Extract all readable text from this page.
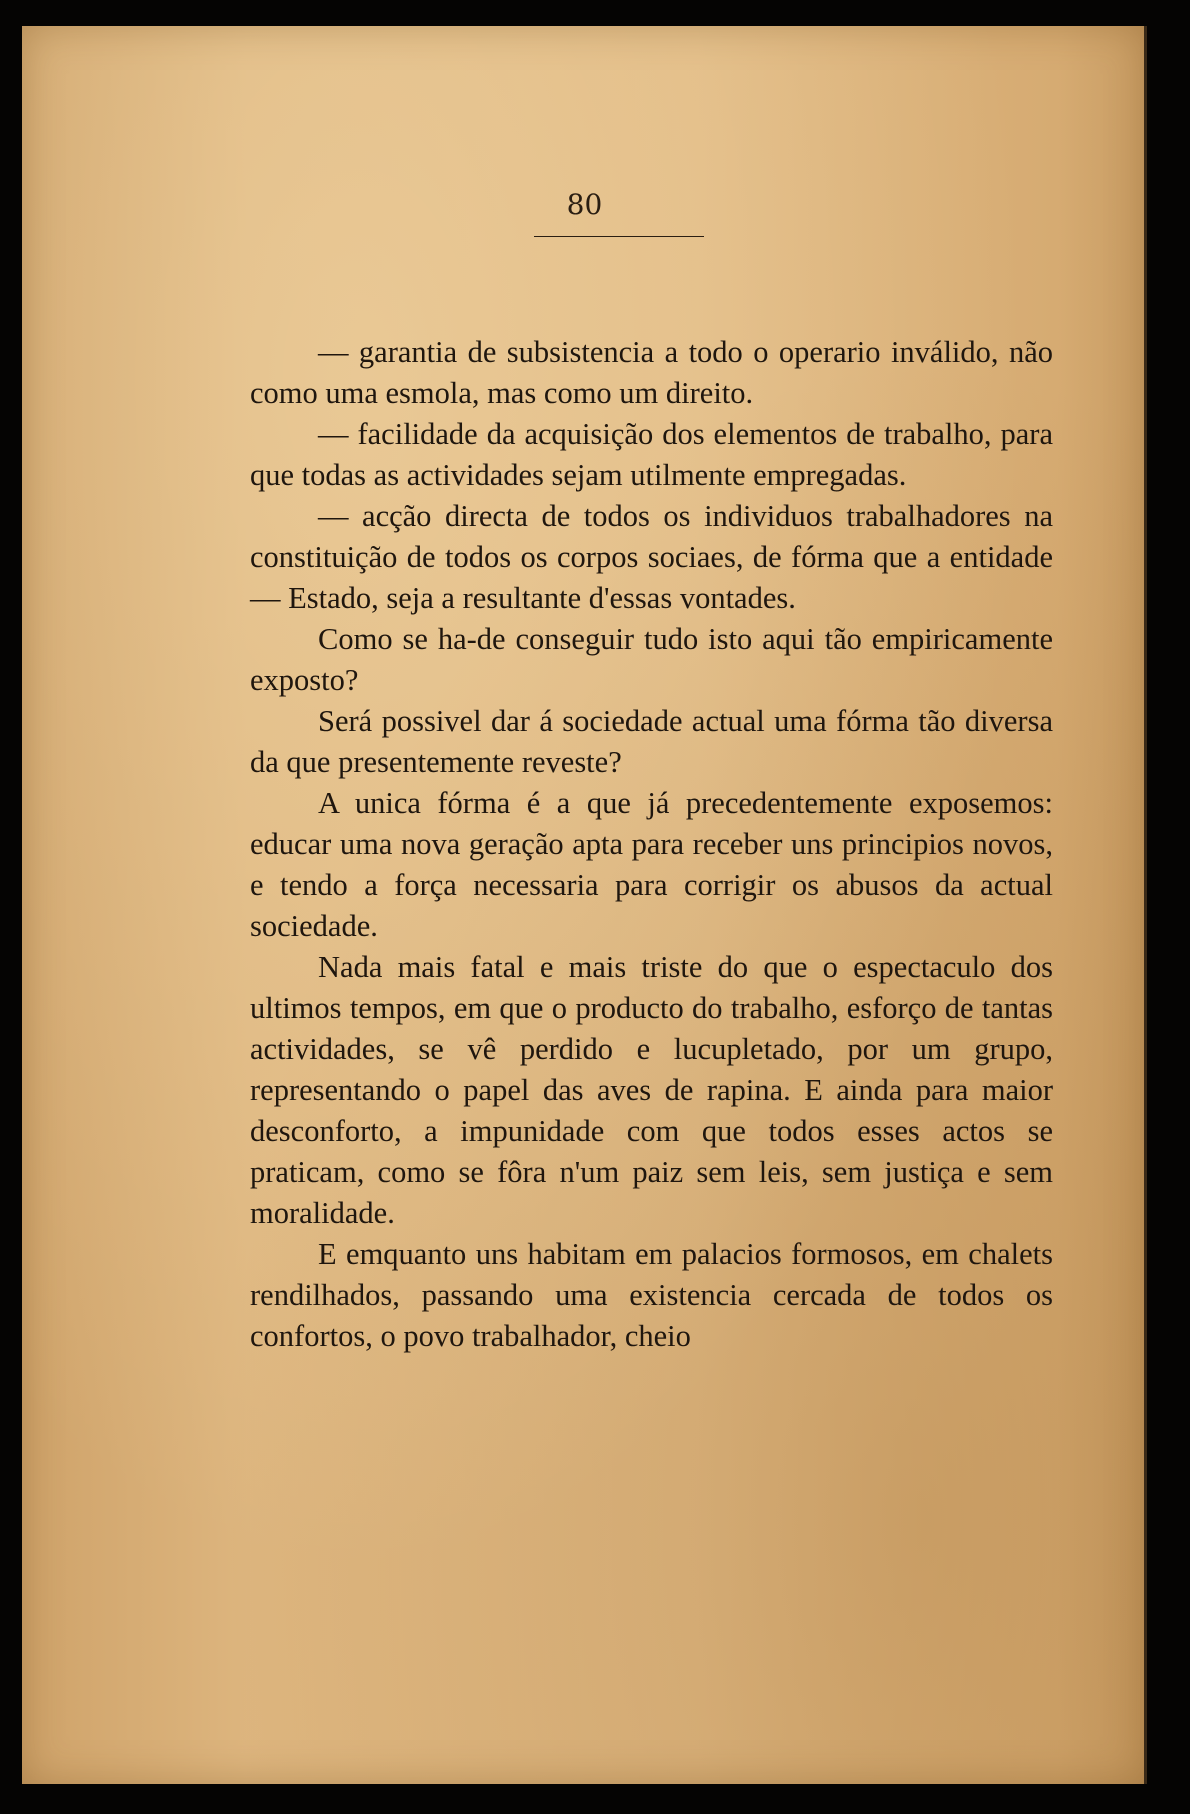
80

— garantia de subsistencia a todo o operario inválido, não como uma esmola, mas como um direito.

— facilidade da acquisição dos elementos de trabalho, para que todas as actividades sejam utilmente empregadas.

— acção directa de todos os individuos trabalhadores na constituição de todos os corpos sociaes, de fórma que a entidade — Estado, seja a resultante d'essas vontades.

Como se ha-de conseguir tudo isto aqui tão empiricamente exposto?

Será possivel dar á sociedade actual uma fórma tão diversa da que presentemente reveste?

A unica fórma é a que já precedentemente exposemos: educar uma nova geração apta para receber uns principios novos, e tendo a força necessaria para corrigir os abusos da actual sociedade.

Nada mais fatal e mais triste do que o espectaculo dos ultimos tempos, em que o producto do trabalho, esforço de tantas actividades, se vê perdido e lucupletado, por um grupo, representando o papel das aves de rapina. E ainda para maior desconforto, a impunidade com que todos esses actos se praticam, como se fôra n'um paiz sem leis, sem justiça e sem moralidade.

E emquanto uns habitam em palacios formosos, em chalets rendilhados, passando uma existencia cercada de todos os confortos, o povo trabalhador, cheio
